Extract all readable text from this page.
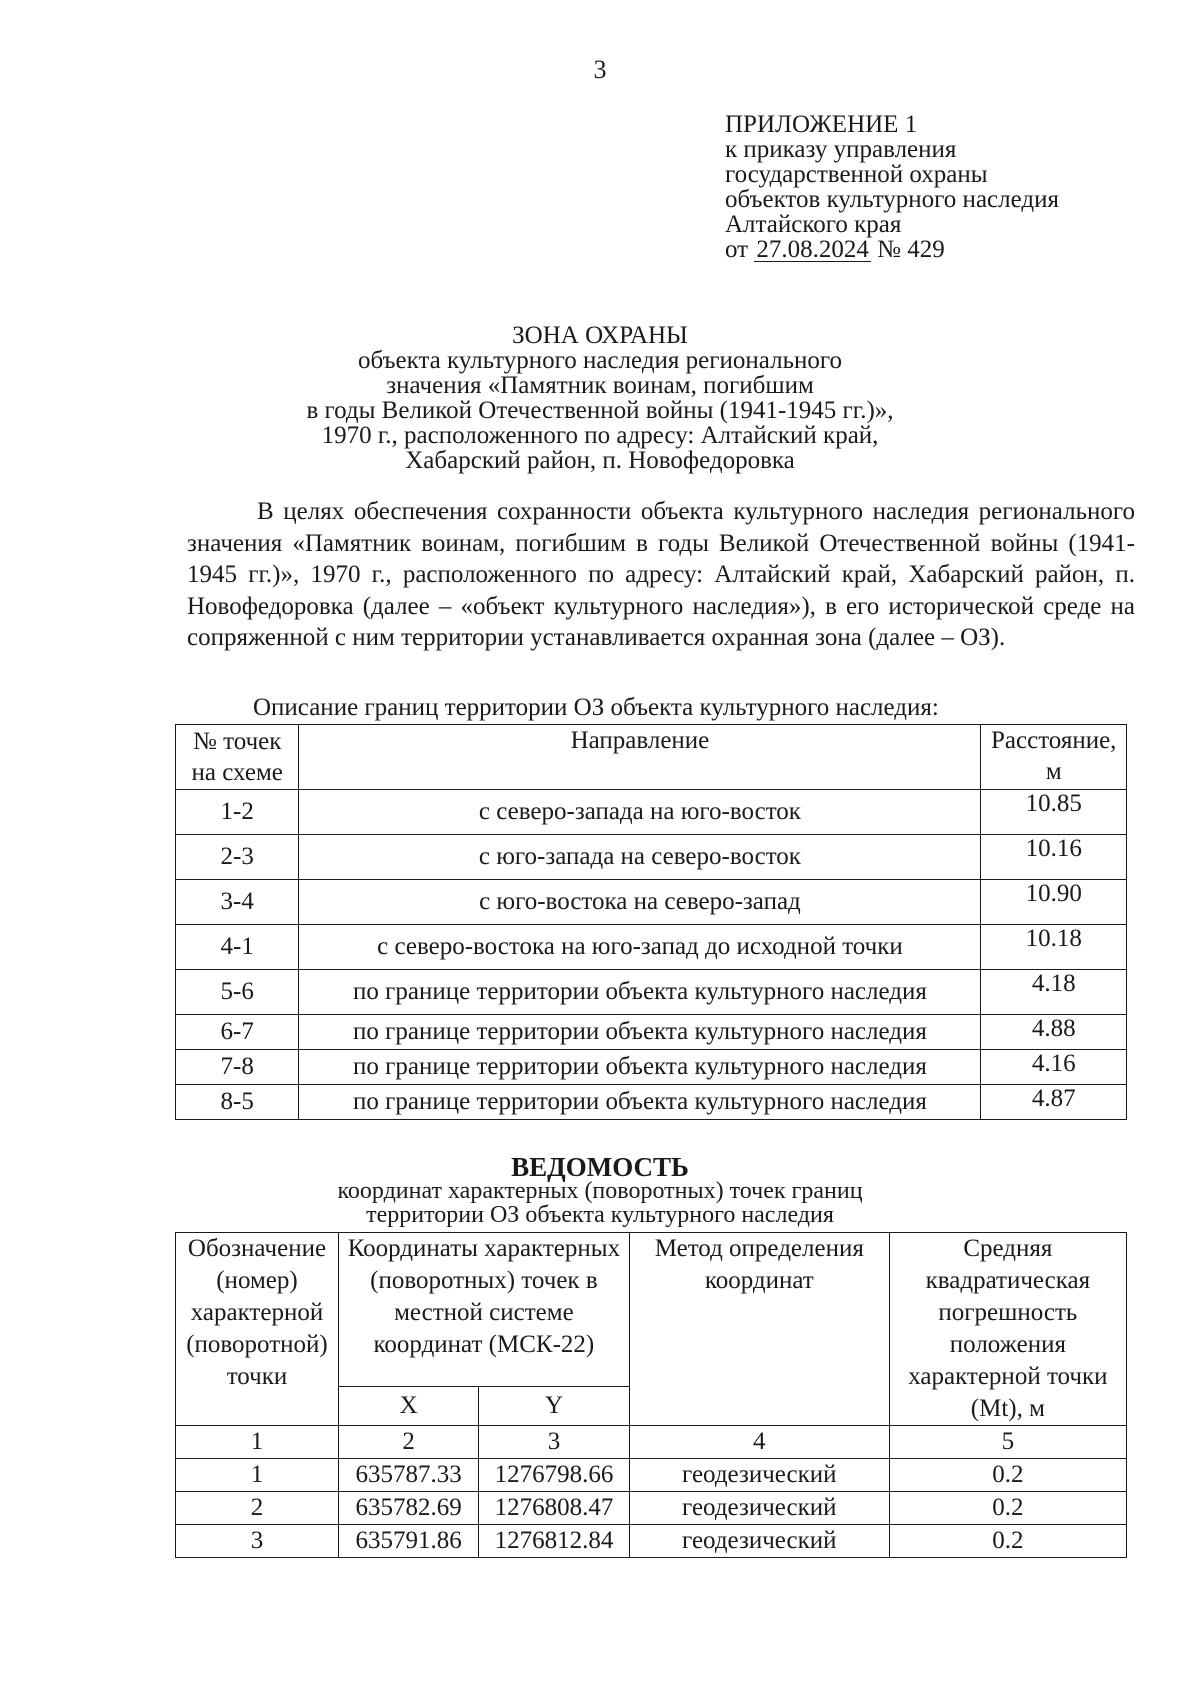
3
ПРИЛОЖЕНИЕ 1
к приказу управления
государственной охраны
объектов культурного наследия
Алтайского края
от 27.08.2024 № 429
ЗОНА ОХРАНЫ
объекта культурного наследия регионального
значения «Памятник воинам, погибшим
в годы Великой Отечественной войны (1941-1945 гг.)»,
1970 г., расположенного по адресу: Алтайский край,
Хабарский район, п. Новофедоровка

В целях обеспечения сохранности объекта культурного наследия регионального значения «Памятник воинам, погибшим в годы Великой Отечественной войны (1941-1945 гг.)», 1970 г., расположенного по адресу: Алтайский край, Хабарский район, п. Новофедоровка (далее – «объект культурного наследия»), в его исторической среде на сопряженной с ним территории устанавливается охранная зона (далее – ОЗ).

Описание границ территории ОЗ объекта культурного наследия:
№ точек на схеме	Направление	Расстояние, м
1-2	с северо-запада на юго-восток	10.85
2-3	с юго-запада на северо-восток	10.16
3-4	с юго-востока на северо-запад	10.90
4-1	с северо-востока на юго-запад до исходной точки	10.18
5-6	по границе территории объекта культурного наследия	4.18
6-7	по границе территории объекта культурного наследия	4.88
7-8	по границе территории объекта культурного наследия	4.16
8-5	по границе территории объекта культурного наследия	4.87
ВЕДОМОСТЬ
координат характерных (поворотных) точек границ
территории ОЗ объекта культурного наследия
Обозначение (номер) характерной (поворотной) точки	Координаты характерных (поворотных) точек в местной системе координат (МСК-22)		Метод определения координат	Средняя квадратическая погрешность положения характерной точки (Mt), м
	X	Y		
1	2	3	4	5
1	635787.33	1276798.66	геодезический	0.2
2	635782.69	1276808.47	геодезический	0.2
3	635791.86	1276812.84	геодезический	0.2
